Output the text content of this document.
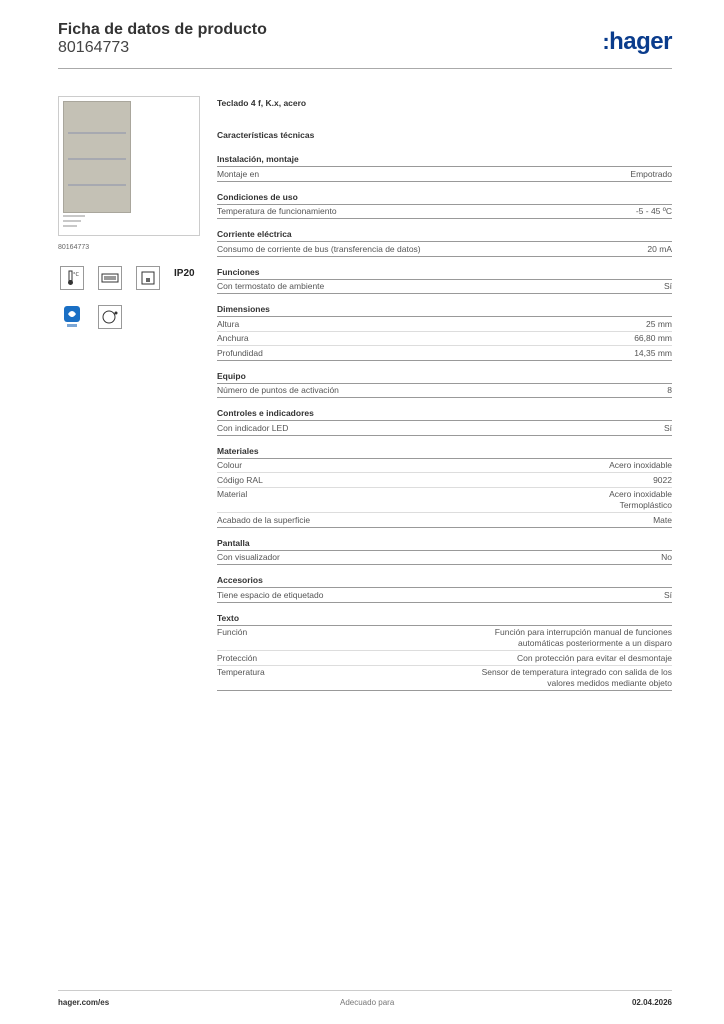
Ficha de datos de producto
80164773	:hager
80164773
°C	IP20
Teclado 4 f, K.x, acero
Características técnicas
Instalación, montaje
Montaje en	Empotrado
Condiciones de uso
Temperatura de funcionamiento	-5 - 45 ºC
Corriente eléctrica
Consumo de corriente de bus (transferencia de datos)	20 mA
Funciones
Con termostato de ambiente	Sí
Dimensiones
Altura	25 mm
Anchura	66,80 mm
Profundidad	14,35 mm
Equipo
Número de puntos de activación	8
Controles e indicadores
Con indicador LED	Sí
Materiales
Colour	Acero inoxidable
Código RAL	9022
Material	Acero inoxidable
Termoplástico
Acabado de la superficie	Mate
Pantalla
Con visualizador	No
Accesorios
Tiene espacio de etiquetado	Sí
Texto
Función	Función para interrupción manual de funciones
automáticas posteriormente a un disparo
Protección	Con protección para evitar el desmontaje
Temperatura	Sensor de temperatura integrado con salida de los
valores medidos mediante objeto
hager.com/es	Adecuado para	02.04.2026
